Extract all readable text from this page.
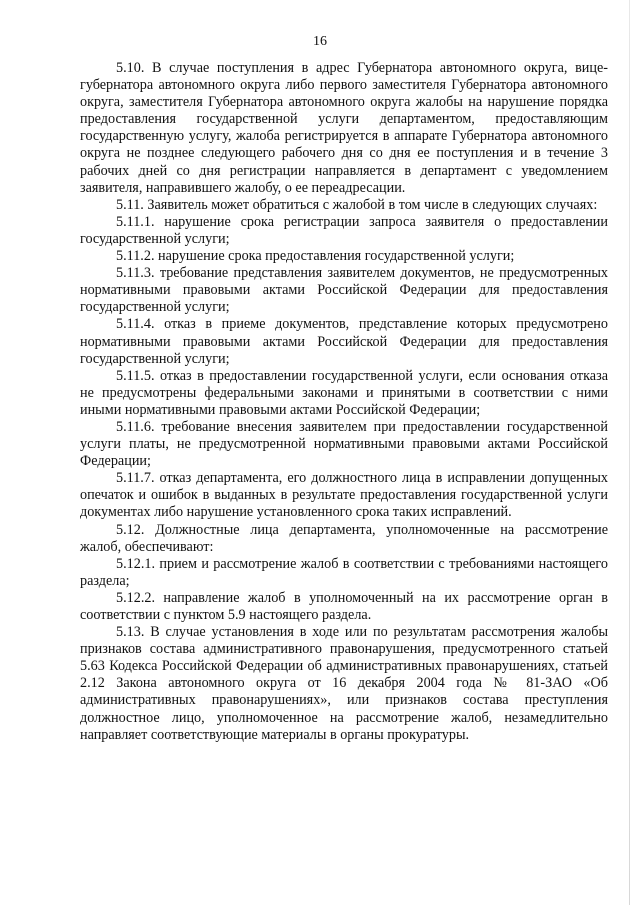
16

5.10. В случае поступления в адрес Губернатора автономного округа, вице-губернатора автономного округа либо первого заместителя Губернатора автономного округа, заместителя Губернатора автономного округа жалобы на нарушение порядка предоставления государственной услуги департаментом, предоставляющим государственную услугу, жалоба регистрируется в аппарате Губернатора автономного округа не позднее следующего рабочего дня со дня ее поступления и в течение 3 рабочих дней со дня регистрации направляется в департамент с уведомлением заявителя, направившего жалобу, о ее переадресации.

5.11. Заявитель может обратиться с жалобой в том числе в следующих случаях:

5.11.1. нарушение срока регистрации запроса заявителя о предоставлении государственной услуги;

5.11.2. нарушение срока предоставления государственной услуги;

5.11.3. требование представления заявителем документов, не предусмотренных нормативными правовыми актами Российской Федерации для предоставления государственной услуги;

5.11.4. отказ в приеме документов, представление которых предусмотрено нормативными правовыми актами Российской Федерации для предоставления государственной услуги;

5.11.5. отказ в предоставлении государственной услуги, если основания отказа не предусмотрены федеральными законами и принятыми в соответствии с ними иными нормативными правовыми актами Российской Федерации;

5.11.6. требование внесения заявителем при предоставлении государственной услуги платы, не предусмотренной нормативными правовыми актами Российской Федерации;

5.11.7. отказ департамента, его должностного лица в исправлении допущенных опечаток и ошибок в выданных в результате предоставления государственной услуги документах либо нарушение установленного срока таких исправлений.

5.12. Должностные лица департамента, уполномоченные на рассмотрение жалоб, обеспечивают:

5.12.1. прием и рассмотрение жалоб в соответствии с требованиями настоящего раздела;

5.12.2. направление жалоб в уполномоченный на их рассмотрение орган в соответствии с пунктом 5.9 настоящего раздела.

5.13. В случае установления в ходе или по результатам рассмотрения жалобы признаков состава административного правонарушения, предусмотренного статьей 5.63 Кодекса Российской Федерации об административных правонарушениях, статьей 2.12 Закона автономного округа от 16 декабря 2004 года № 81-ЗАО «Об административных правонарушениях», или признаков состава преступления должностное лицо, уполномоченное на рассмотрение жалоб, незамедлительно направляет соответствующие материалы в органы прокуратуры.
